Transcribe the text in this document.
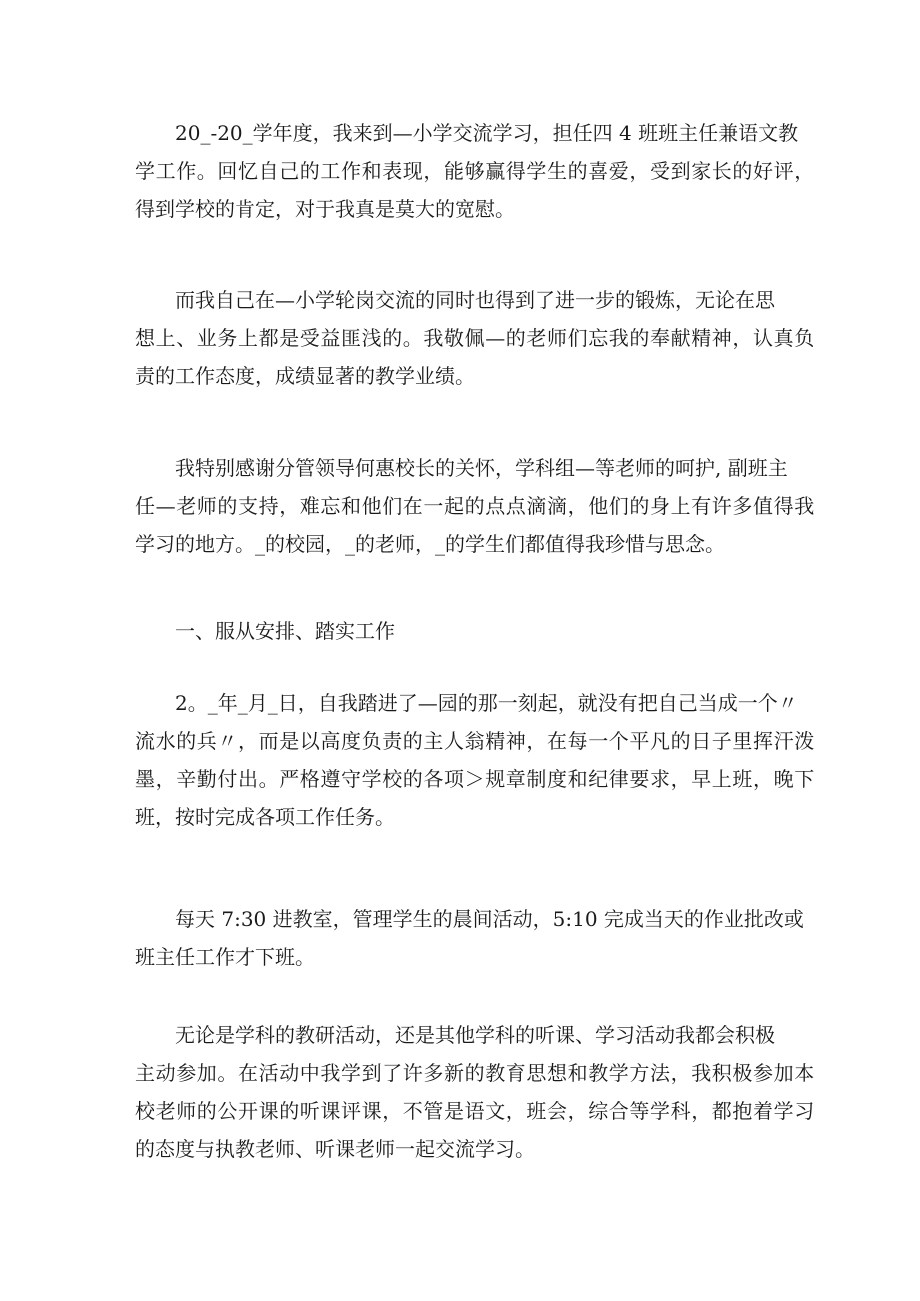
20_-20_学年度，我来到—小学交流学习，担任四 4 班班主任兼语文教
学工作。回忆自己的工作和表现，能够赢得学生的喜爱，受到家长的好评，
得到学校的肯定，对于我真是莫大的宽慰。
而我自己在—小学轮岗交流的同时也得到了进一步的锻炼，无论在思
想上、业务上都是受益匪浅的。我敬佩—的老师们忘我的奉献精神，认真负
责的工作态度，成绩显著的教学业绩。
我特别感谢分管领导何惠校长的关怀，学科组—等老师的呵护, 副班主
任—老师的支持，难忘和他们在一起的点点滴滴，他们的身上有许多值得我
学习的地方。_的校园，_的老师，_的学生们都值得我珍惜与思念。
一、服从安排、踏实工作
2。_年_月_日，自我踏进了—园的那一刻起，就没有把自己当成一个〃
流水的兵〃，而是以高度负责的主人翁精神，在每一个平凡的日子里挥汗泼
墨，辛勤付出。严格遵守学校的各项＞规章制度和纪律要求，早上班，晚下
班，按时完成各项工作任务。
每天 7:30 进教室，管理学生的晨间活动，5:10 完成当天的作业批改或
班主任工作才下班。
无论是学科的教研活动，还是其他学科的听课、学习活动我都会积极
主动参加。在活动中我学到了许多新的教育思想和教学方法，我积极参加本
校老师的公开课的听课评课，不管是语文，班会，综合等学科，都抱着学习
的态度与执教老师、听课老师一起交流学习。
